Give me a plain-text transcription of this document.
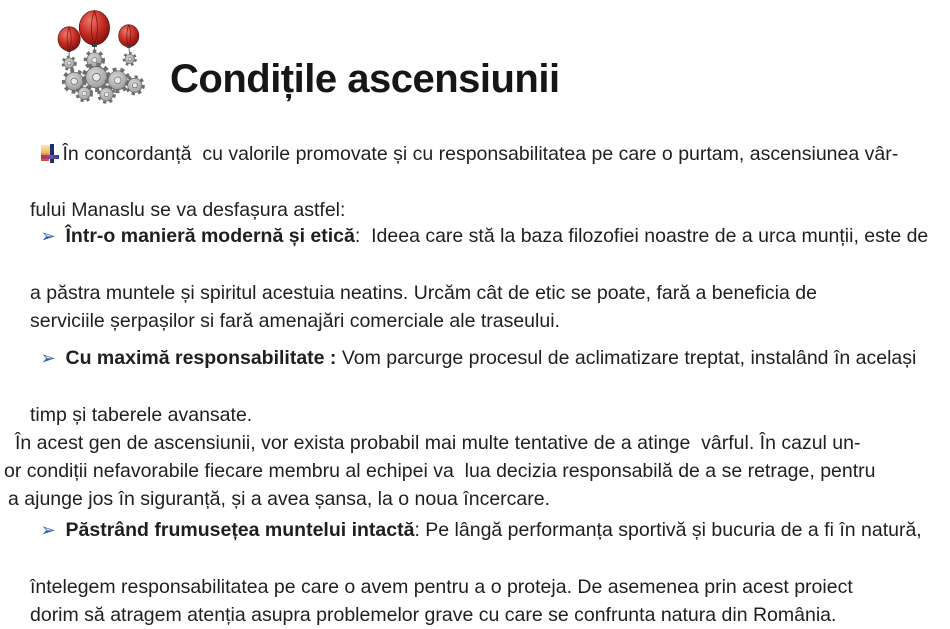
Condițile ascensiunii

În concordanță  cu valorile promovate și cu responsabilitatea pe care o purtam, ascensiunea vâr-

fului Manaslu se va desfașura astfel:

➢ Într-o manieră modernă și etică:  Ideea care stă la baza filozofiei noastre de a urca munții, este de

a păstra muntele și spiritul acestuia neatins. Urcăm cât de etic se poate, fară a beneficia de
serviciile șerpașilor si fară amenajări comerciale ale traseului.

➢ Cu maximă responsabilitate : Vom parcurge procesul de aclimatizare treptat, instalând în același

timp și taberele avansate.
În acest gen de ascensiunii, vor exista probabil mai multe tentative de a atinge  vârful. În cazul un-
or condiții nefavorabile fiecare membru al echipei va  lua decizia responsabilă de a se retrage, pentru
a ajunge jos în siguranță, și a avea șansa, la o noua încercare.

➢ Păstrând frumusețea muntelui intactă: Pe lângă performanța sportivă și bucuria de a fi în natură,

întelegem responsabilitatea pe care o avem pentru a o proteja. De asemenea prin acest proiect
dorim să atragem atenția asupra problemelor grave cu care se confrunta natura din România.
